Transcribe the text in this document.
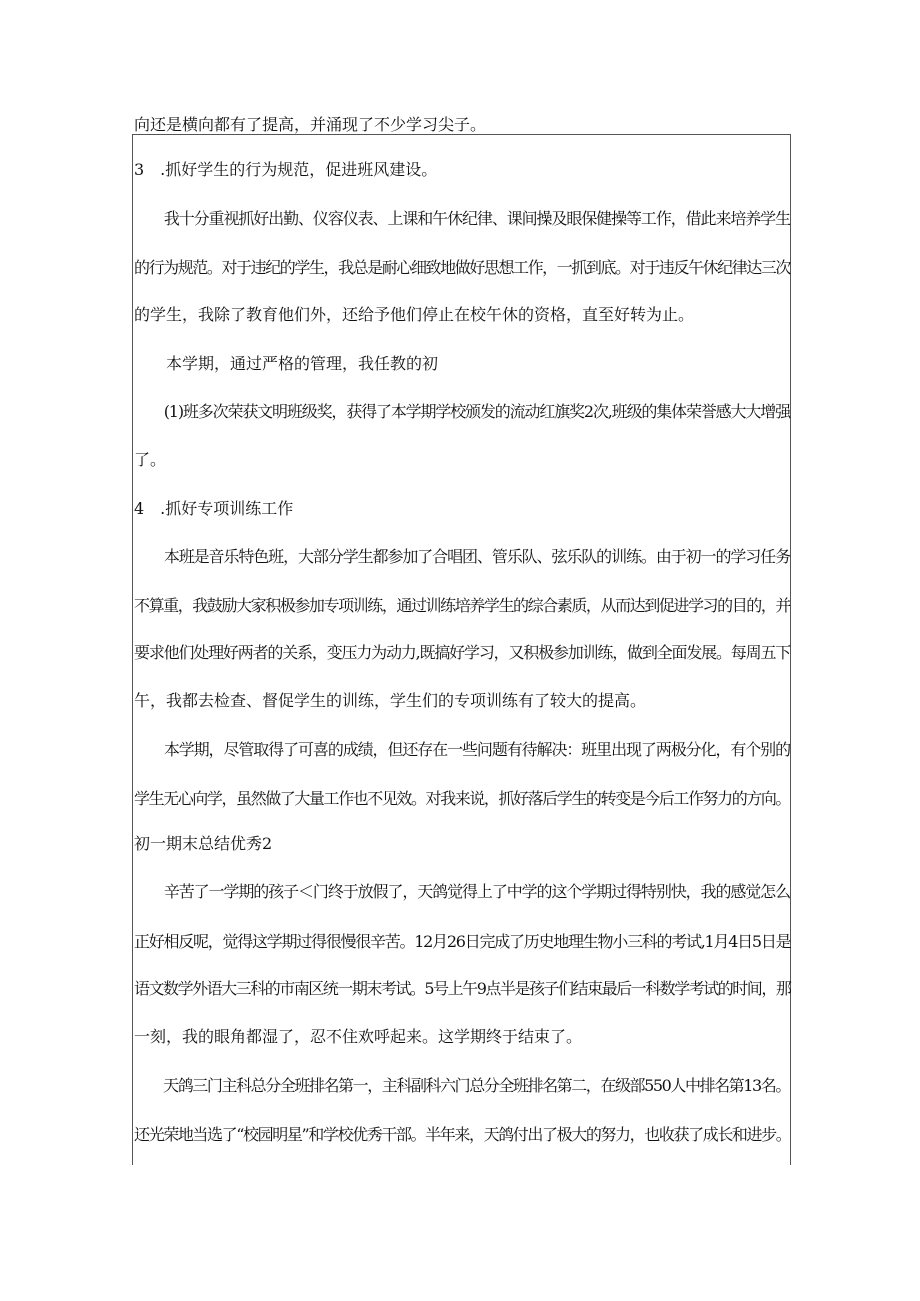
向还是横向都有了提高，并涌现了不少学习尖子。
3　.抓好学生的行为规范，促进班风建设。
　　我十分重视抓好出勤、仪容仪表、上课和午休纪律、课间操及眼保健操等工作，借此来培养学生
的行为规范。对于违纪的学生，我总是耐心细致地做好思想工作，一抓到底。对于违反午休纪律达三次
的学生，我除了教育他们外，还给予他们停止在校午休的资格，直至好转为止。
　　本学期，通过严格的管理，我任教的初
　　(1)班多次荣获文明班级奖，获得了本学期学校颁发的流动红旗奖2次,班级的集体荣誉感大大增强
了。
4　.抓好专项训练工作
　　本班是音乐特色班，大部分学生都参加了合唱团、管乐队、弦乐队的训练。由于初一的学习任务
不算重，我鼓励大家积极参加专项训练，通过训练培养学生的综合素质，从而达到促进学习的目的，并
要求他们处理好两者的关系，变压力为动力,既搞好学习，又积极参加训练，做到全面发展。每周五下
午，我都去检查、督促学生的训练，学生们的专项训练有了较大的提高。
　　本学期，尽管取得了可喜的成绩，但还存在一些问题有待解决：班里出现了两极分化，有个别的
学生无心向学，虽然做了大量工作也不见效。对我来说，抓好落后学生的转变是今后工作努力的方向。
初一期末总结优秀2
　　辛苦了一学期的孩子＜门终于放假了，天鸽觉得上了中学的这个学期过得特别快，我的感觉怎么
正好相反呢，觉得这学期过得很慢很辛苦。12月26日完成了历史地理生物小三科的考试,1月4日5日是
语文数学外语大三科的市南区统一期末考试。5号上午9点半是孩子们结束最后一科数学考试的时间，那
一刻，我的眼角都湿了，忍不住欢呼起来。这学期终于结束了。
　　天鸽三门主科总分全班排名第一，主科副科六门总分全班排名第二，在级部550人中排名第13名。
还光荣地当选了“校园明星”和学校优秀干部。半年来，天鸽付出了极大的努力，也收获了成长和进步。
